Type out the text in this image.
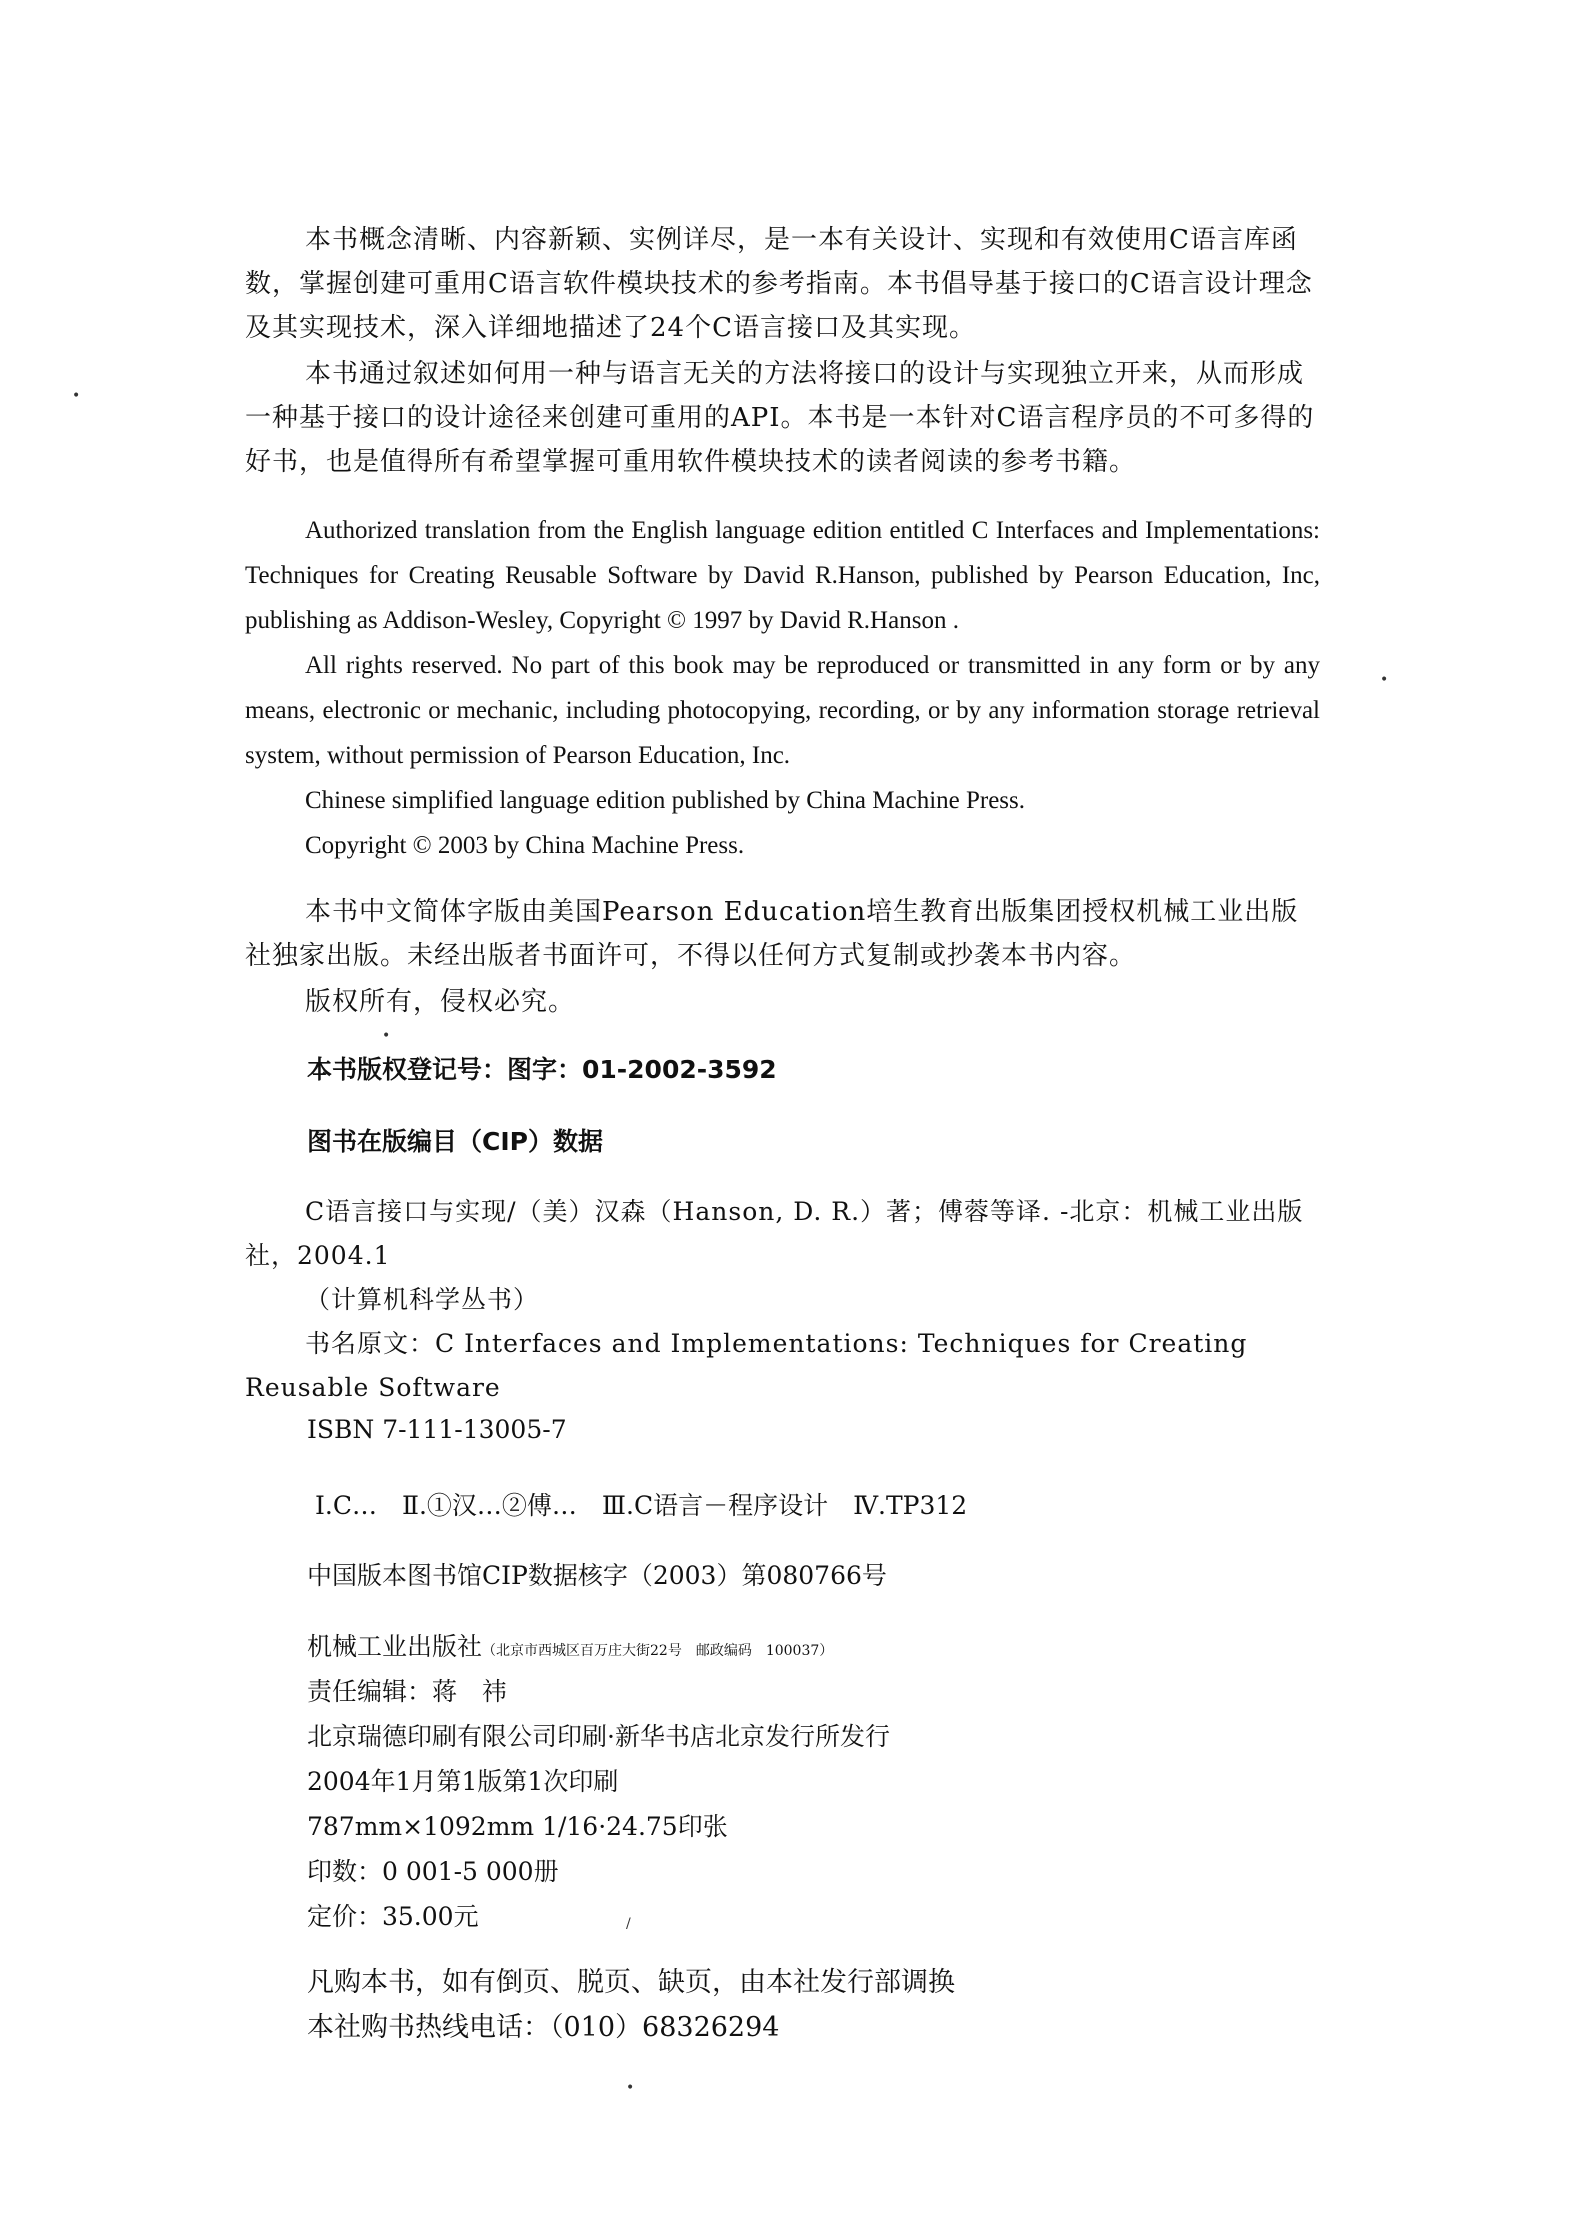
本书概念清晰、内容新颖、实例详尽，是一本有关设计、实现和有效使用C语言库函数，掌握创建可重用C语言软件模块技术的参考指南。本书倡导基于接口的C语言设计理念及其实现技术，深入详细地描述了24个C语言接口及其实现。

本书通过叙述如何用一种与语言无关的方法将接口的设计与实现独立开来，从而形成一种基于接口的设计途径来创建可重用的API。本书是一本针对C语言程序员的不可多得的好书，也是值得所有希望掌握可重用软件模块技术的读者阅读的参考书籍。

Authorized translation from the English language edition entitled C Interfaces and Implementations: Techniques for Creating Reusable Software by David R.Hanson, published by Pearson Education, Inc, publishing as Addison-Wesley, Copyright © 1997 by David R.Hanson .

All rights reserved. No part of this book may be reproduced or transmitted in any form or by any means, electronic or mechanic, including photocopying, recording, or by any information storage retrieval system, without permission of Pearson Education, Inc.

Chinese simplified language edition published by China Machine Press.

Copyright © 2003 by China Machine Press.

本书中文简体字版由美国Pearson Education培生教育出版集团授权机械工业出版社独家出版。未经出版者书面许可，不得以任何方式复制或抄袭本书内容。

版权所有，侵权必究。

本书版权登记号：图字：01-2002-3592
图书在版编目（CIP）数据

C语言接口与实现/（美）汉森（Hanson, D. R.）著；傅蓉等译. -北京：机械工业出版社，2004.1

（计算机科学丛书）

书名原文：C Interfaces and Implementations: Techniques for Creating Reusable Software

ISBN 7-111-13005-7
Ⅰ.C…　Ⅱ.①汉…②傅…　Ⅲ.C语言－程序设计　Ⅳ.TP312
中国版本图书馆CIP数据核字（2003）第080766号
机械工业出版社（北京市西城区百万庄大街22号　邮政编码　100037）
责任编辑：蒋　祎
北京瑞德印刷有限公司印刷·新华书店北京发行所发行
2004年1月第1版第1次印刷
787mm×1092mm 1/16·24.75印张
印数：0 001-5 000册
定价：35.00元
凡购本书，如有倒页、脱页、缺页，由本社发行部调换
本社购书热线电话：（010）68326294
•
•
•
/
•
